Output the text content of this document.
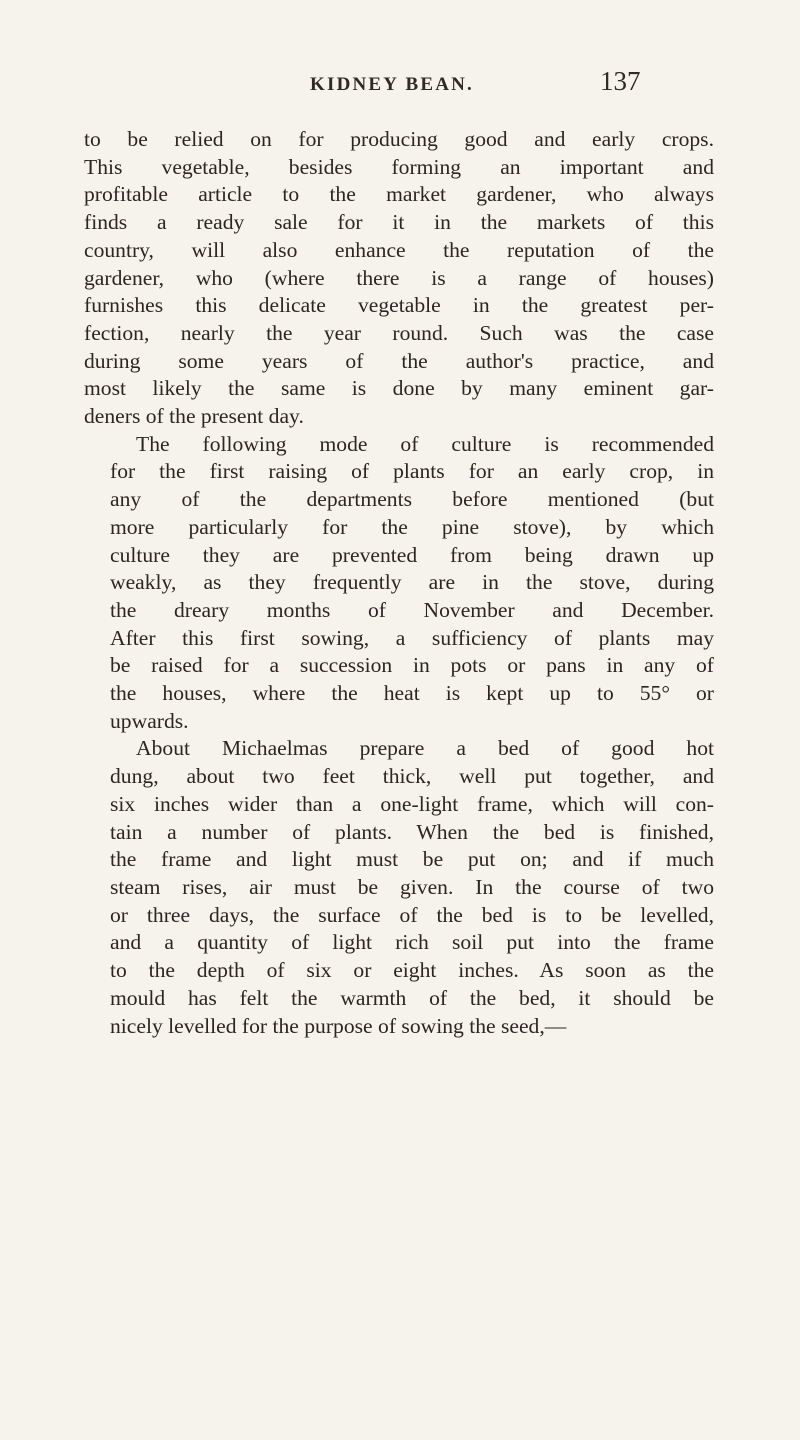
KIDNEY BEAN.	137

to be relied on for producing good and early crops.
This vegetable, besides forming an important and
profitable article to the market gardener, who always
finds a ready sale for it in the markets of this
country, will also enhance the reputation of the
gardener, who (where there is a range of houses)
furnishes this delicate vegetable in the greatest per-
fection, nearly the year round. Such was the case
during some years of the author's practice, and
most likely the same is done by many eminent gar-
deners of the present day.

The following mode of culture is recommended
for the first raising of plants for an early crop, in
any of the departments before mentioned (but
more particularly for the pine stove), by which
culture they are prevented from being drawn up
weakly, as they frequently are in the stove, during
the dreary months of November and December.
After this first sowing, a sufficiency of plants may
be raised for a succession in pots or pans in any of
the houses, where the heat is kept up to 55° or
upwards.

About Michaelmas prepare a bed of good hot
dung, about two feet thick, well put together, and
six inches wider than a one-light frame, which will con-
tain a number of plants. When the bed is finished,
the frame and light must be put on; and if much
steam rises, air must be given. In the course of two
or three days, the surface of the bed is to be levelled,
and a quantity of light rich soil put into the frame
to the depth of six or eight inches. As soon as the
mould has felt the warmth of the bed, it should be
nicely levelled for the purpose of sowing the seed,—
